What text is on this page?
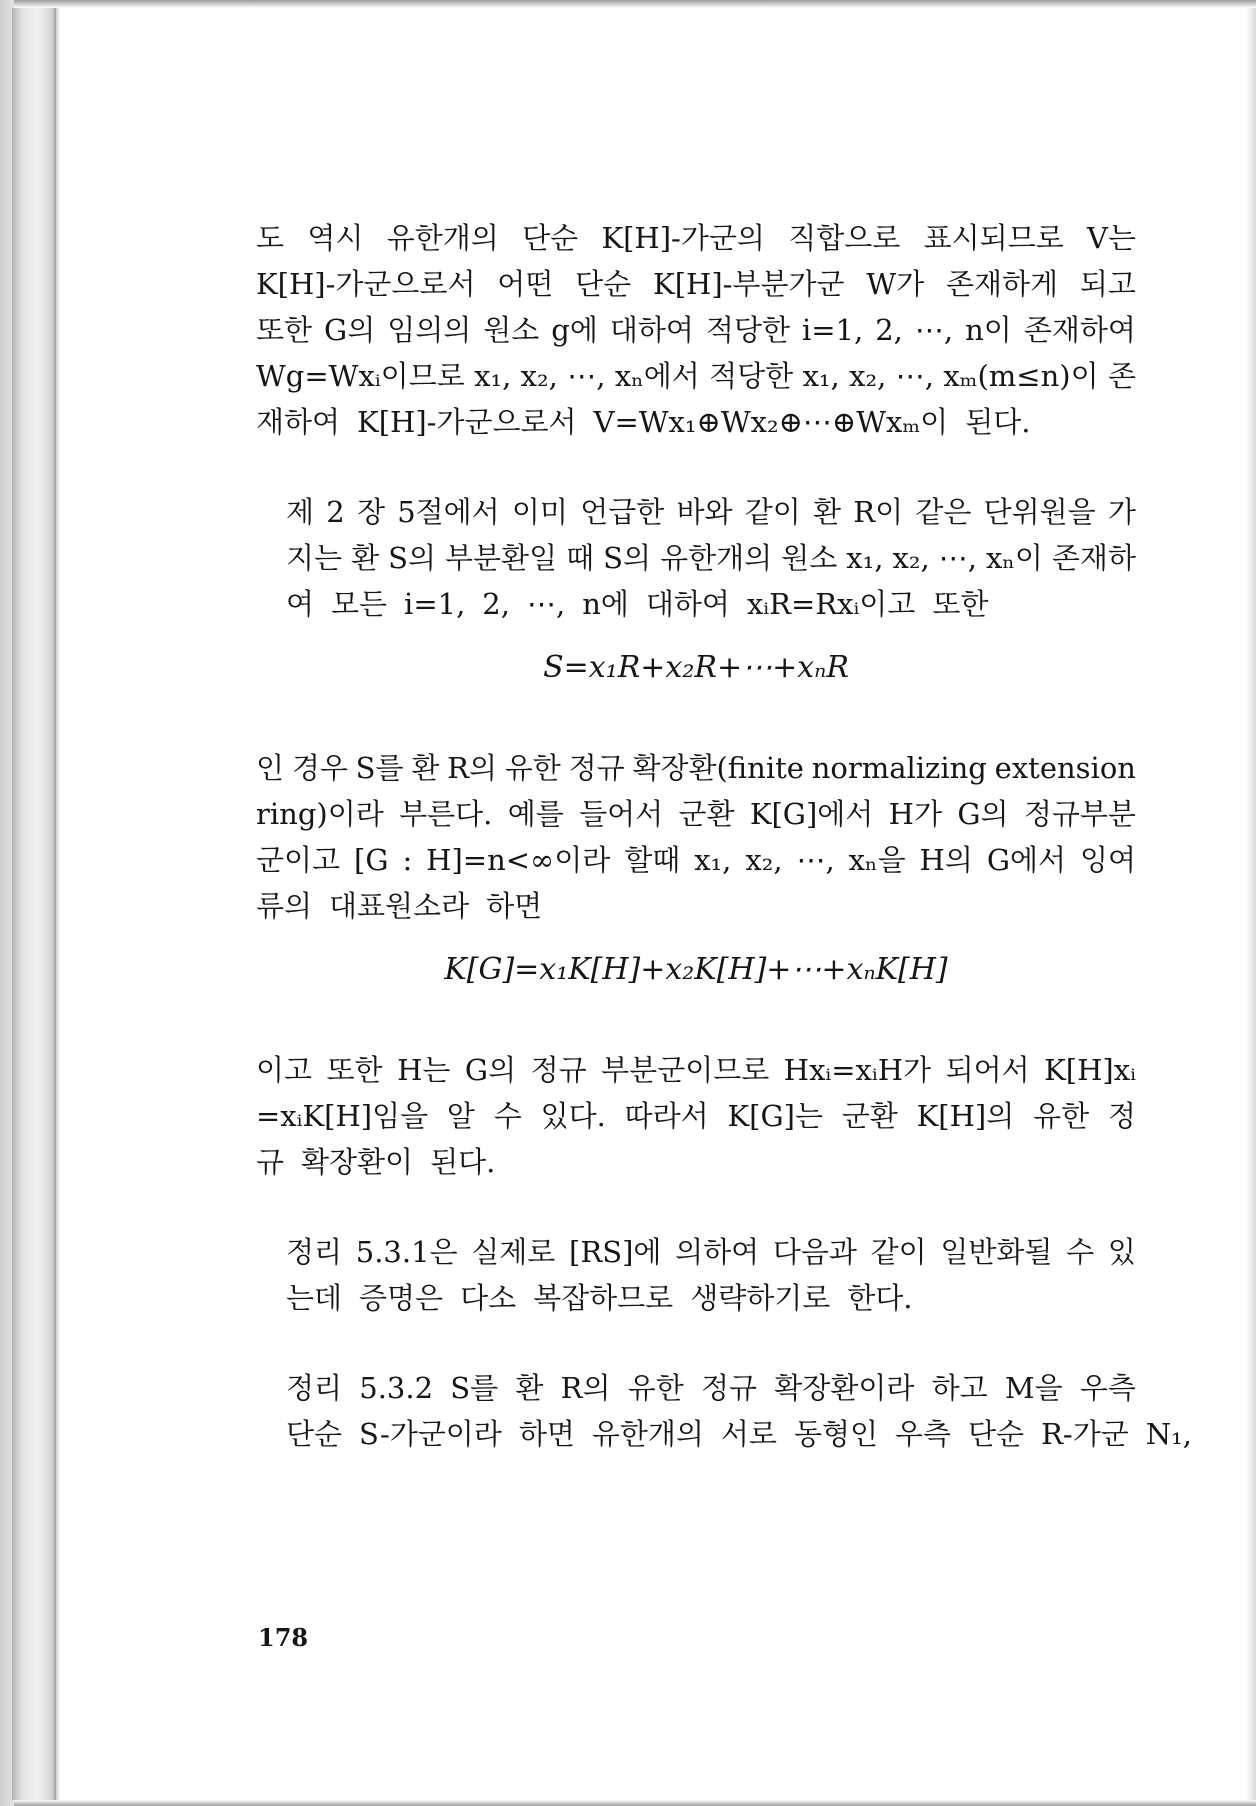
도 역시 유한개의 단순 K[H]-가군의 직합으로 표시되므로 V는
K[H]-가군으로서 어떤 단순 K[H]-부분가군 W가 존재하게 되고
또한 G의 임의의 원소 g에 대하여 적당한 i=1, 2, ⋯, n이 존재하여
Wg=Wxᵢ이므로 x₁, x₂, ⋯, xₙ에서 적당한 x₁, x₂, ⋯, xₘ(m≤n)이 존
재하여 K[H]-가군으로서 V=Wx₁⊕Wx₂⊕⋯⊕Wxₘ이 된다.
제 2 장 5절에서 이미 언급한 바와 같이 환 R이 같은 단위원을 가
지는 환 S의 부분환일 때 S의 유한개의 원소 x₁, x₂, ⋯, xₙ이 존재하
여 모든 i=1, 2, ⋯, n에 대하여 xᵢR=Rxᵢ이고 또한
S=x₁R+x₂R+⋯+xₙR
인 경우 S를 환 R의 유한 정규 확장환(finite normalizing extension
ring)이라 부른다. 예를 들어서 군환 K[G]에서 H가 G의 정규부분
군이고 [G : H]=n<∞이라 할때 x₁, x₂, ⋯, xₙ을 H의 G에서 잉여
류의 대표원소라 하면
K[G]=x₁K[H]+x₂K[H]+⋯+xₙK[H]
이고 또한 H는 G의 정규 부분군이므로 Hxᵢ=xᵢH가 되어서 K[H]xᵢ
=xᵢK[H]임을 알 수 있다. 따라서 K[G]는 군환 K[H]의 유한 정
규 확장환이 된다.
정리 5.3.1은 실제로 [RS]에 의하여 다음과 같이 일반화될 수 있
는데 증명은 다소 복잡하므로 생략하기로 한다.
정리 5.3.2 S를 환 R의 유한 정규 확장환이라 하고 M을 우측
단순 S-가군이라 하면 유한개의 서로 동형인 우측 단순 R-가군 N₁,
178
